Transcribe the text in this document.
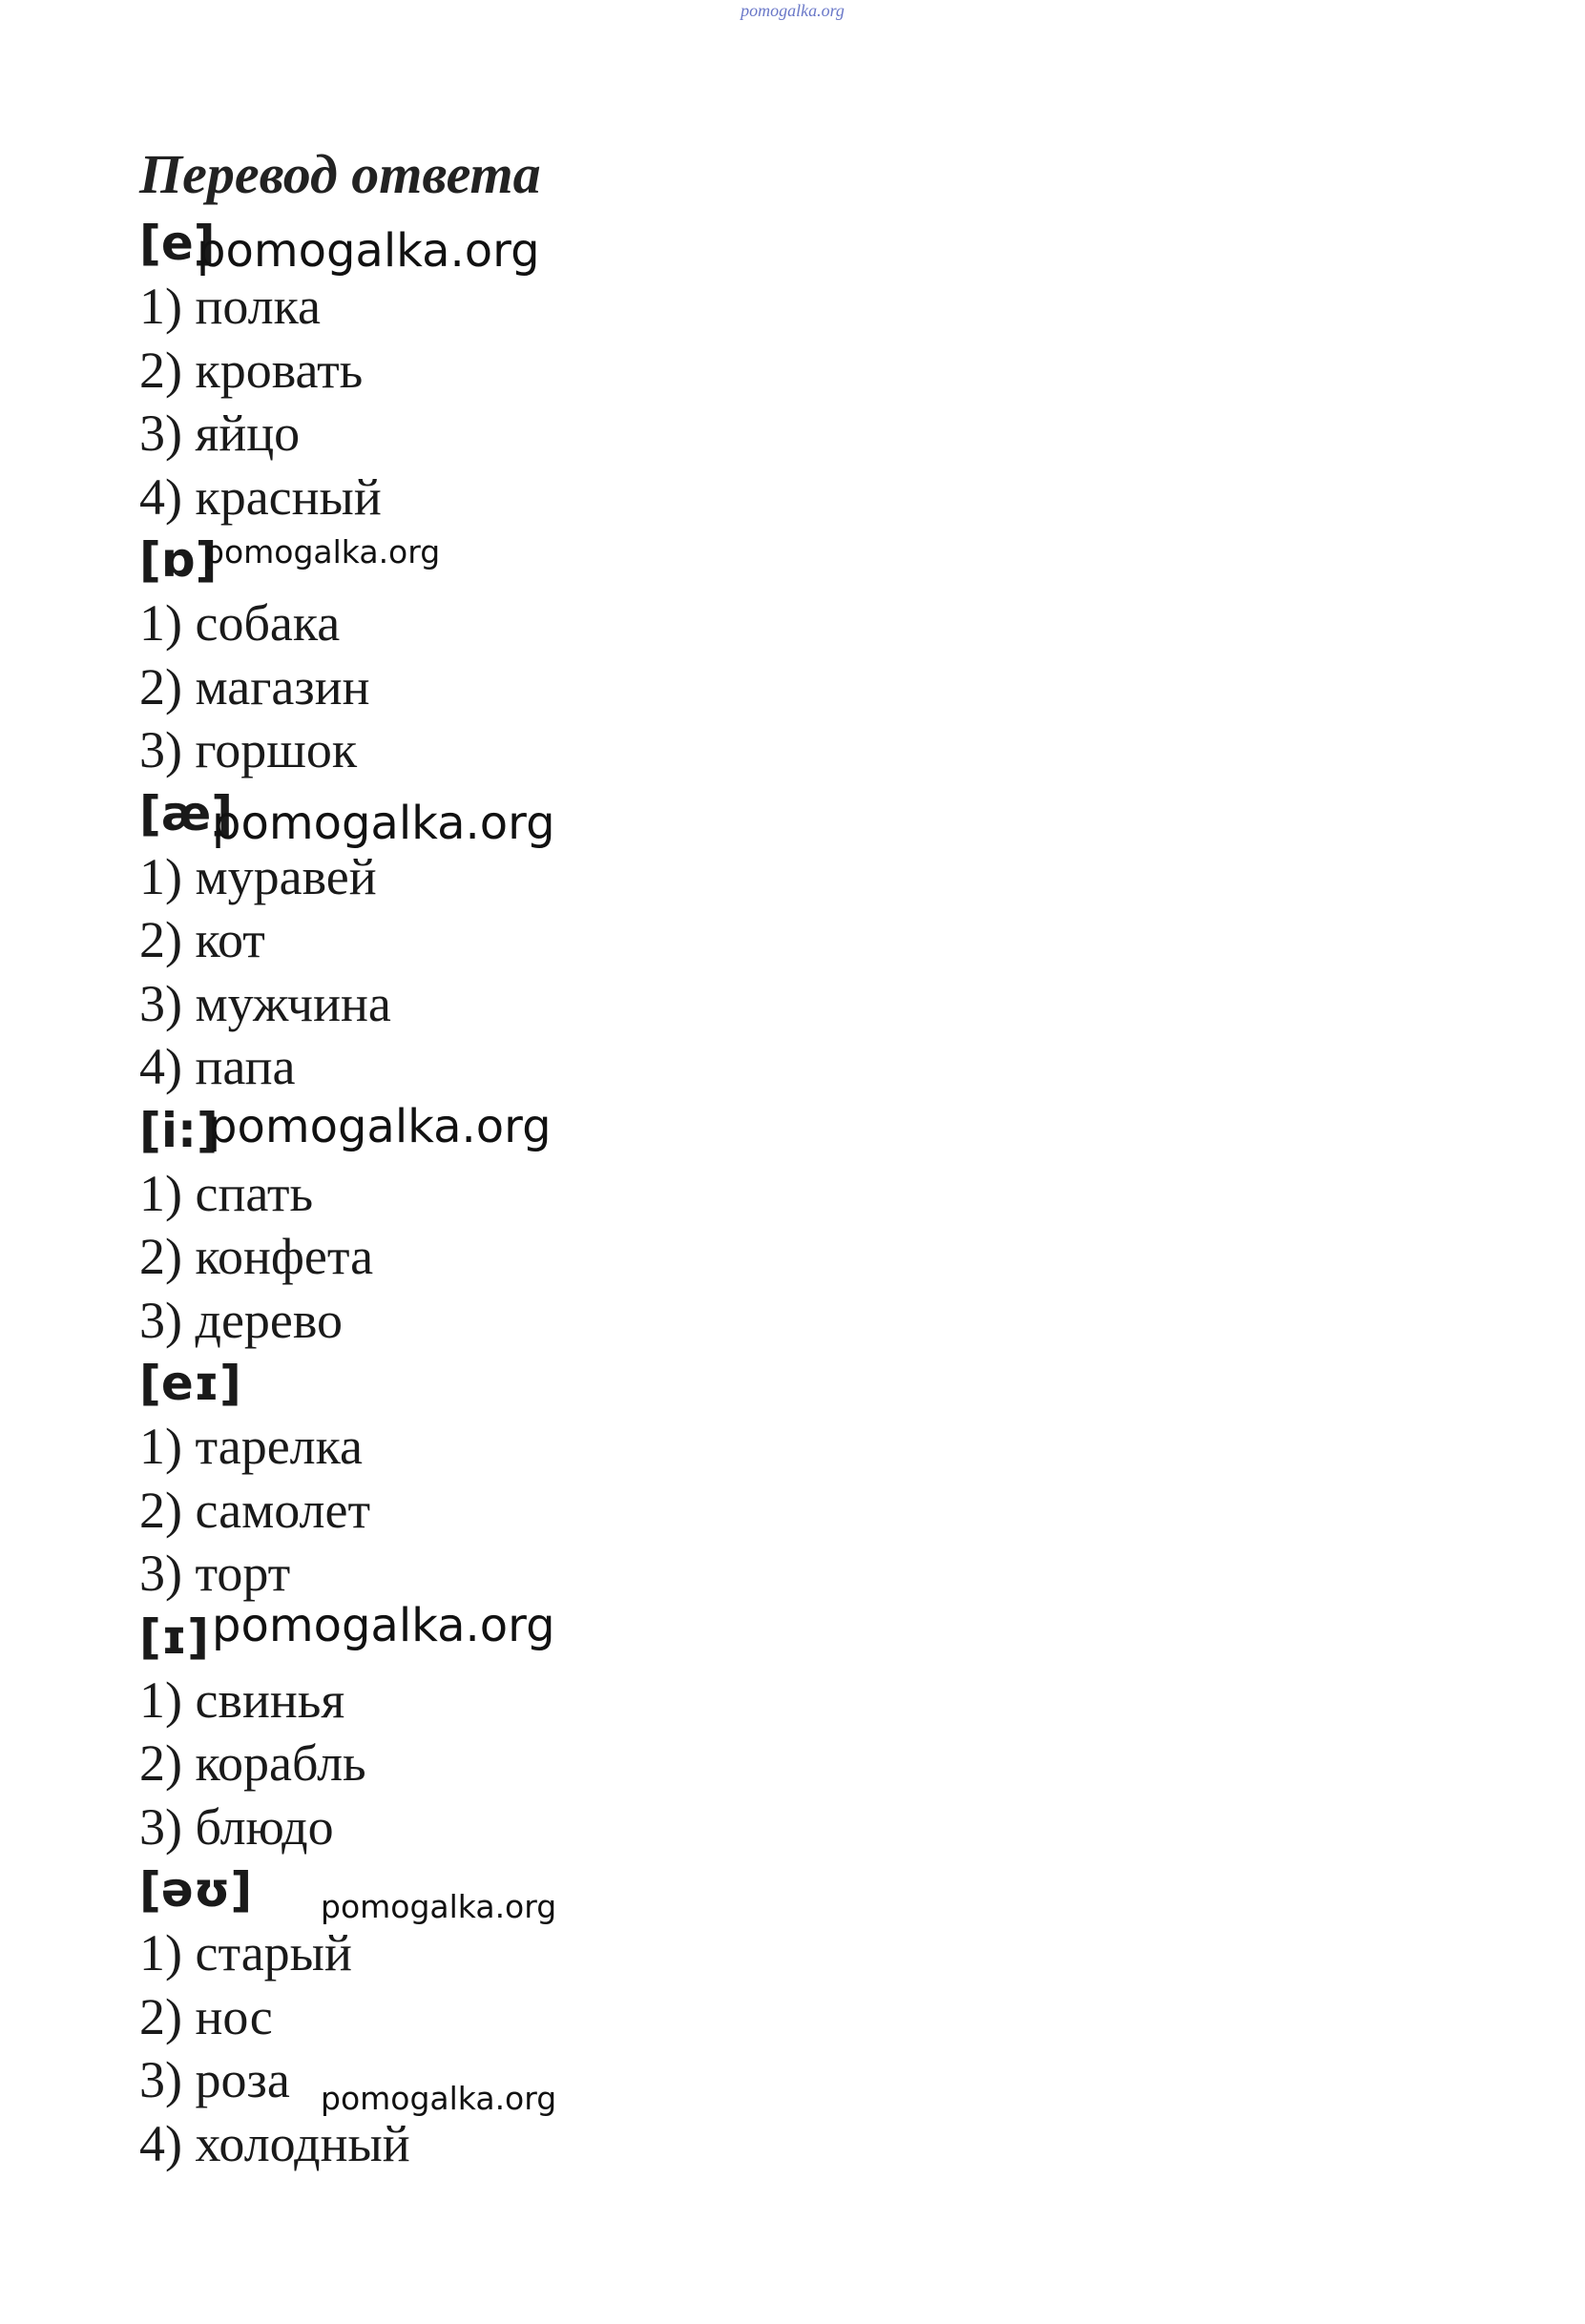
pomogalka.org
Перевод ответа
[e]
pomogalka.org
1) полка
2) кровать
3) яйцо
4) красный
[ɒ]
pomogalka.org
1) собака
2) магазин
3) горшок
[æ]
pomogalka.org
1) муравей
2) кот
3) мужчина
4) папа
[i:]
pomogalka.org
1) спать
2) конфета
3) дерево
[eɪ]
1) тарелка
2) самолет
3) торт
[ɪ] pomogalka.org
1) свинья
2) корабль
3) блюдо
[əʊ] pomogalka.org
1) старый
2) нос
3) роза pomogalka.org
4) холодный
